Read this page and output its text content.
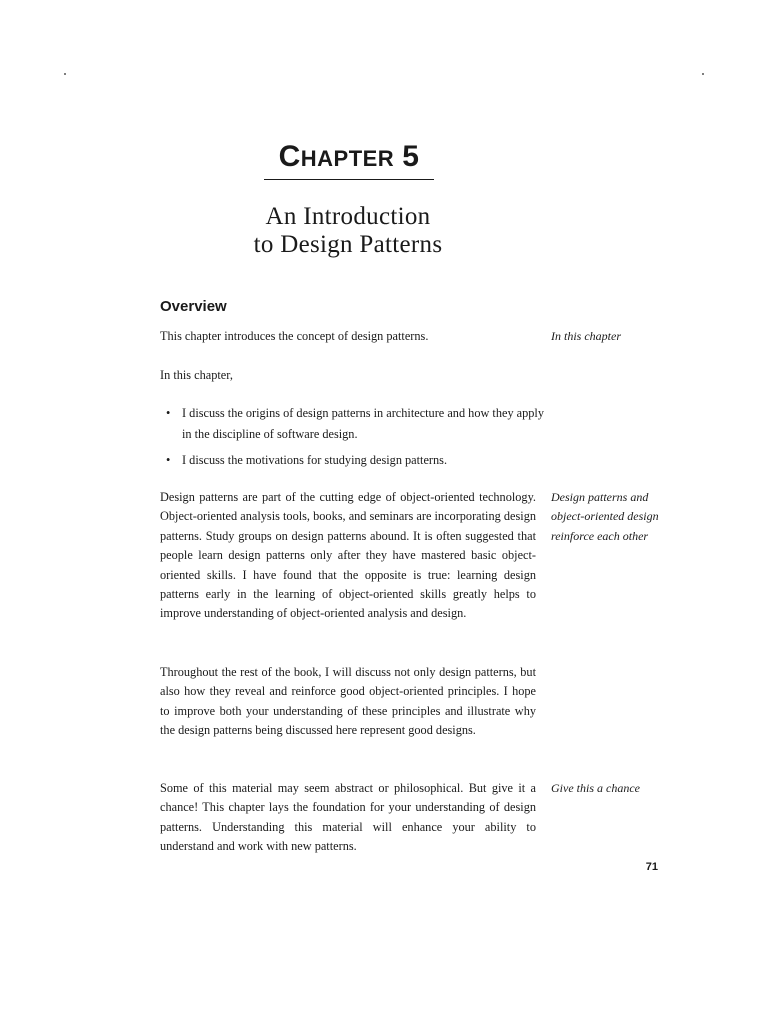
CHAPTER 5
An Introduction
to Design Patterns
Overview

This chapter introduces the concept of design patterns.

In this chapter,

• I discuss the origins of design patterns in architecture and how they apply in the discipline of software design.

• I discuss the motivations for studying design patterns.

Design patterns are part of the cutting edge of object-oriented technology. Object-oriented analysis tools, books, and seminars are incorporating design patterns. Study groups on design patterns abound. It is often suggested that people learn design patterns only after they have mastered basic object-oriented skills. I have found that the opposite is true: learning design patterns early in the learning of object-oriented skills greatly helps to improve understanding of object-oriented analysis and design.

Throughout the rest of the book, I will discuss not only design patterns, but also how they reveal and reinforce good object-oriented principles. I hope to improve both your understanding of these principles and illustrate why the design patterns being discussed here represent good designs.

Some of this material may seem abstract or philosophical. But give it a chance! This chapter lays the foundation for your understanding of design patterns. Understanding this material will enhance your ability to understand and work with new patterns.

In this chapter

Design patterns and object-oriented design reinforce each other

Give this a chance

71
